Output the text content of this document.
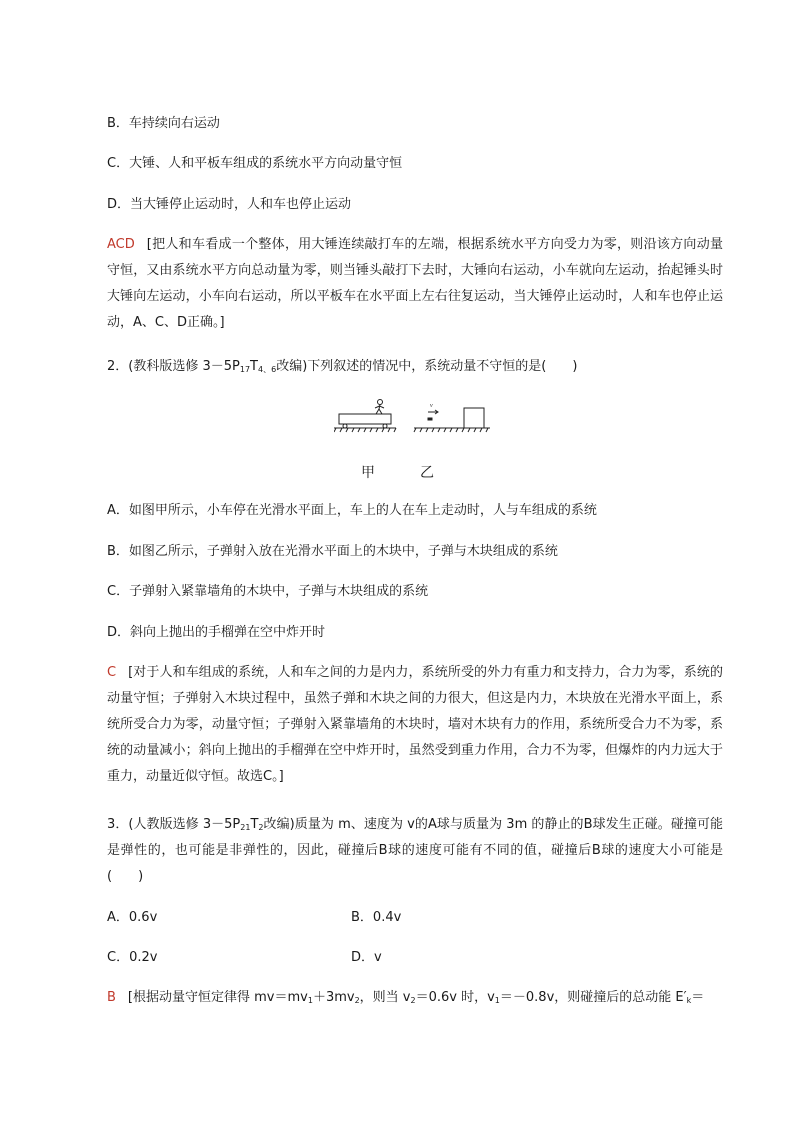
B．车持续向右运动
C．大锤、人和平板车组成的系统水平方向动量守恒
D．当大锤停止运动时，人和车也停止运动
ACD [把人和车看成一个整体，用大锤连续敲打车的左端，根据系统水平方向受力为零，则沿该方向动量守恒，又由系统水平方向总动量为零，则当锤头敲打下去时，大锤向右运动，小车就向左运动，抬起锤头时大锤向左运动，小车向右运动，所以平板车在水平面上左右往复运动，当大锤停止运动时，人和车也停止运动，A、C、D正确。]
2．(教科版选修 $3-5P_{17}T_{4、6}$改编)下列叙述的情况中，系统动量不守恒的是(　　)
v
甲	乙
A．如图甲所示，小车停在光滑水平面上，车上的人在车上走动时，人与车组成的系统
B．如图乙所示，子弹射入放在光滑水平面上的木块中，子弹与木块组成的系统
C．子弹射入紧靠墙角的木块中，子弹与木块组成的系统
D．斜向上抛出的手榴弹在空中炸开时
C [对于人和车组成的系统，人和车之间的力是内力，系统所受的外力有重力和支持力，合力为零，系统的动量守恒；子弹射入木块过程中，虽然子弹和木块之间的力很大，但这是内力，木块放在光滑水平面上，系统所受合力为零，动量守恒；子弹射入紧靠墙角的木块时，墙对木块有力的作用，系统所受合力不为零，系统的动量减小；斜向上抛出的手榴弹在空中炸开时，虽然受到重力作用，合力不为零，但爆炸的内力远大于重力，动量近似守恒。故选C。]
3．(人教版选修 $3-5P_{21}T_2$改编)质量为 m、速度为 v的A球与质量为 3m 的静止的B球发生正碰。碰撞可能是弹性的，也可能是非弹性的，因此，碰撞后B球的速度可能有不同的值，碰撞后B球的速度大小可能是(　　)
A．0.6v	B．0.4v
C．0.2v	D．v
B [根据动量守恒定律得 $mv=mv_1+3mv_2$，则当 $v_2=0.6v$ 时，$v_1=-0.8v$，则碰撞后的总动能 $E'_k=$
